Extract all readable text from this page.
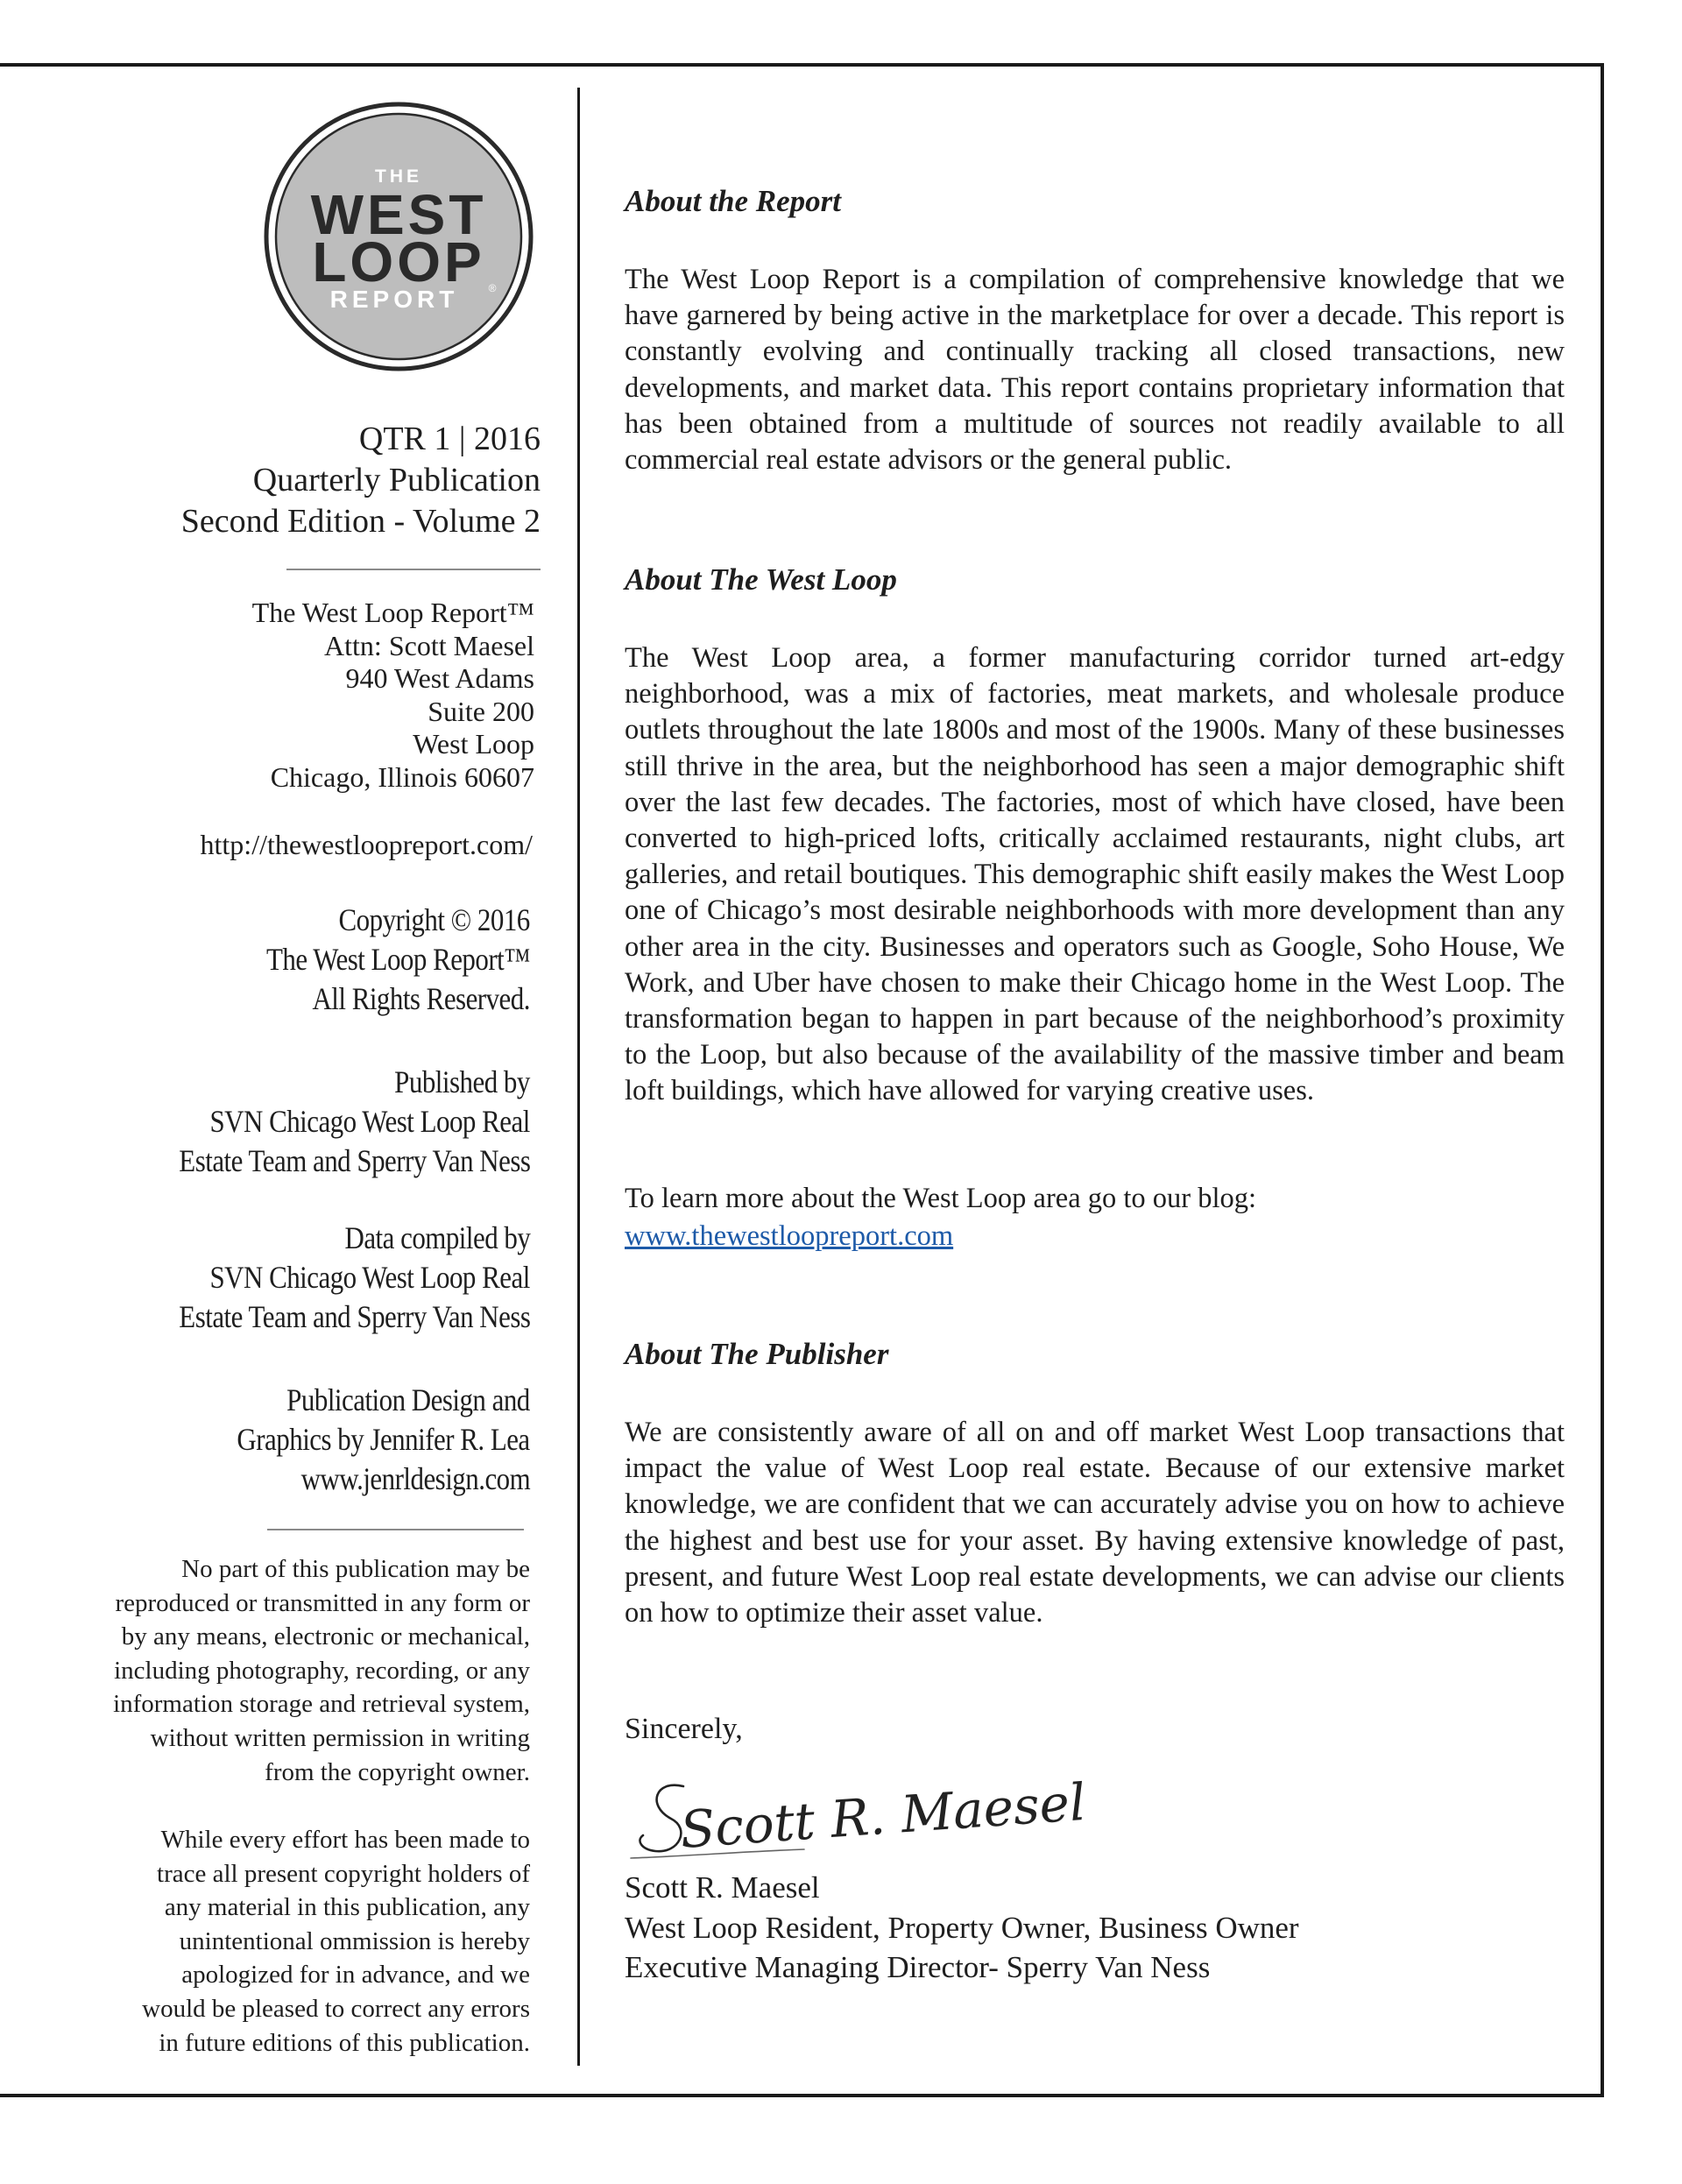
THE
WEST
LOOP
REPORT	®
QTR 1 | 2016
Quarterly Publication
Second Edition - Volume 2
The West Loop Report™
Attn: Scott Maesel
940 West Adams
Suite 200
West Loop
Chicago, Illinois 60607
http://thewestloopreport.com/
Copyright © 2016
The West Loop Report™
All Rights Reserved.
Published by
SVN Chicago West Loop Real
Estate Team and Sperry Van Ness
Data compiled by
SVN Chicago West Loop Real
Estate Team and Sperry Van Ness
Publication Design and
Graphics by Jennifer R. Lea
www.jenrldesign.com
No part of this publication may be
reproduced or transmitted in any form or
by any means, electronic or mechanical,
including photography, recording, or any
information storage and retrieval system,
without written permission in writing
from the copyright owner.
While every effort has been made to
trace all present copyright holders of
any material in this publication, any
unintentional ommission is hereby
apologized for in advance, and we
would be pleased to correct any errors
in future editions of this publication.
About the Report

The West Loop Report is a compilation of comprehensive knowledge that we have garnered by being active in the marketplace for over a decade. This report is constantly evolving and continually tracking all closed transactions, new developments, and market data. This report contains proprietary information that has been obtained from a multitude of sources not readily available to all commercial real estate advisors or the general public.

About The West Loop

The West Loop area, a former manufacturing corridor turned art-edgy neighborhood, was a mix of factories, meat markets, and wholesale produce outlets throughout the late 1800s and most of the 1900s. Many of these businesses still thrive in the area, but the neighborhood has seen a major demographic shift over the last few decades. The factories, most of which have closed, have been converted to high-priced lofts, critically acclaimed restaurants, night clubs, art galleries, and retail boutiques. This demographic shift easily makes the West Loop one of Chicago’s most desirable neighborhoods with more development than any other area in the city. Businesses and operators such as Google, Soho House, We Work, and Uber have chosen to make their Chicago home in the West Loop. The transformation began to happen in part because of the neighborhood’s proximity to the Loop, but also because of the availability of the massive timber and beam loft buildings, which have allowed for varying creative uses.

To learn more about the West Loop area go to our blog:
www.thewestloopreport.com
About The Publisher

We are consistently aware of all on and off market West Loop transactions that impact the value of West Loop real estate. Because of our extensive market knowledge, we are confident that we can accurately advise you on how to achieve the highest and best use for your asset. By having extensive knowledge of past, present, and future West Loop real estate developments, we can advise our clients on how to optimize their asset value.

Sincerely,
Scott R. Maesel
Scott R. Maesel
West Loop Resident, Property Owner, Business Owner
Executive Managing Director- Sperry Van Ness
